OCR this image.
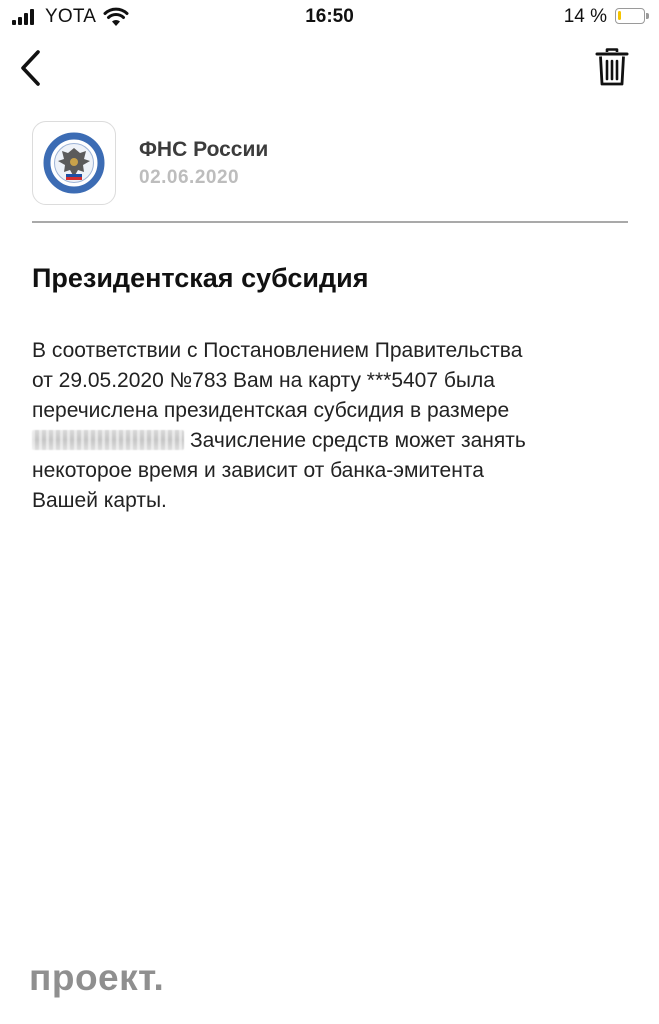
YOTA	16:50	14 %
ФНС России
02.06.2020
Президентская субсидия
В соответствии с Постановлением Правительства
от 29.05.2020 №783 Вам на карту ***5407 была
перечислена президентская субсидия в размере
Зачисление средств может занять
некоторое время и зависит от банка-эмитента
Вашей карты.
проект.
